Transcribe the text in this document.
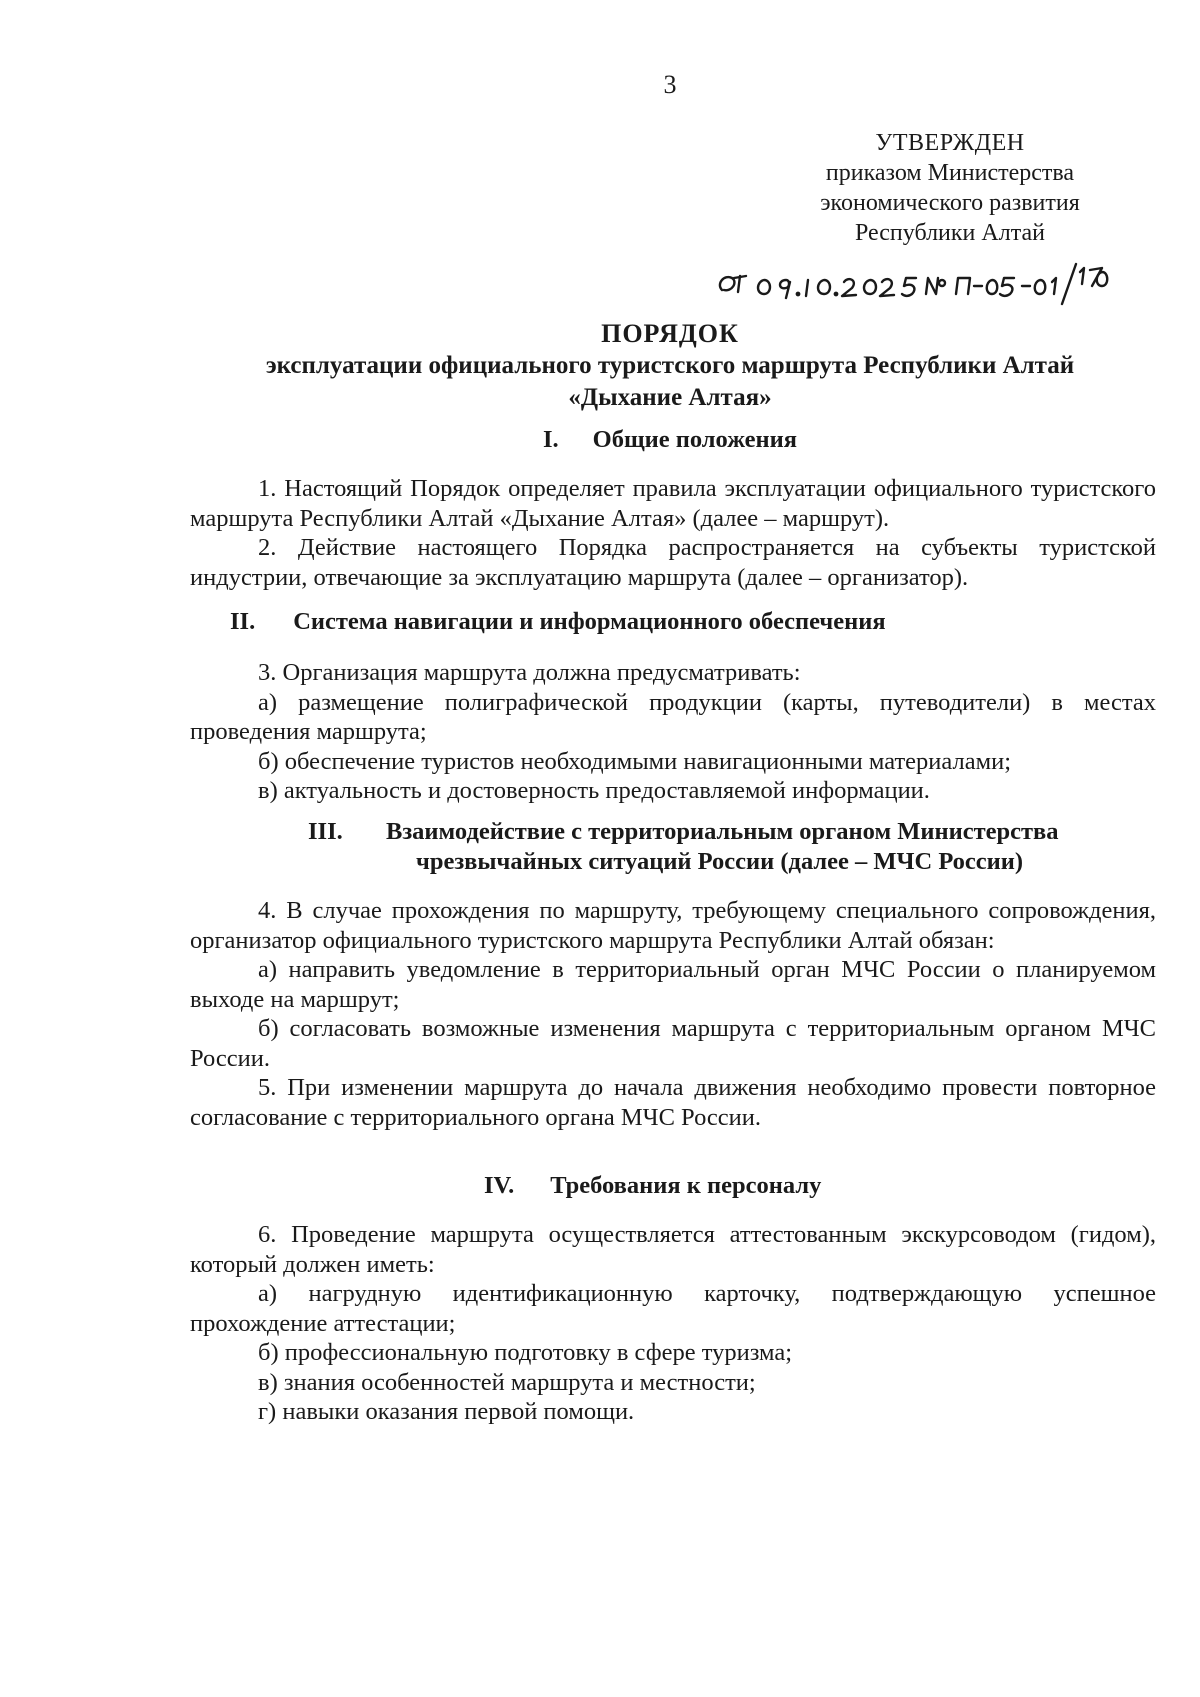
3
УТВЕРЖДЕН
приказом Министерства
экономического развития
Республики Алтай
ПОРЯДОК
эксплуатации официального туристского маршрута Республики Алтай
«Дыхание Алтая»
I. Общие положения

1. Настоящий Порядок определяет правила эксплуатации официального туристского маршрута Республики Алтай «Дыхание Алтая» (далее – маршрут).

2. Действие настоящего Порядка распространяется на субъекты туристской индустрии, отвечающие за эксплуатацию маршрута (далее – организатор).

II. Система навигации и информационного обеспечения

3. Организация маршрута должна предусматривать:

а) размещение полиграфической продукции (карты, путеводители) в местах проведения маршрута;

б) обеспечение туристов необходимыми навигационными материалами;

в) актуальность и достоверность предоставляемой информации.

III. Взаимодействие с территориальным органом Министерства
чрезвычайных ситуаций России (далее – МЧС России)

4. В случае прохождения по маршруту, требующему специального сопровождения, организатор официального туристского маршрута Республики Алтай обязан:

а) направить уведомление в территориальный орган МЧС России о планируемом выходе на маршрут;

б) согласовать возможные изменения маршрута с территориальным органом МЧС России.

5. При изменении маршрута до начала движения необходимо провести повторное согласование с территориального органа МЧС России.

IV. Требования к персоналу

6. Проведение маршрута осуществляется аттестованным экскурсоводом (гидом), который должен иметь:

а) нагрудную идентификационную карточку, подтверждающую успешное прохождение аттестации;

б) профессиональную подготовку в сфере туризма;

в) знания особенностей маршрута и местности;

г) навыки оказания первой помощи.
